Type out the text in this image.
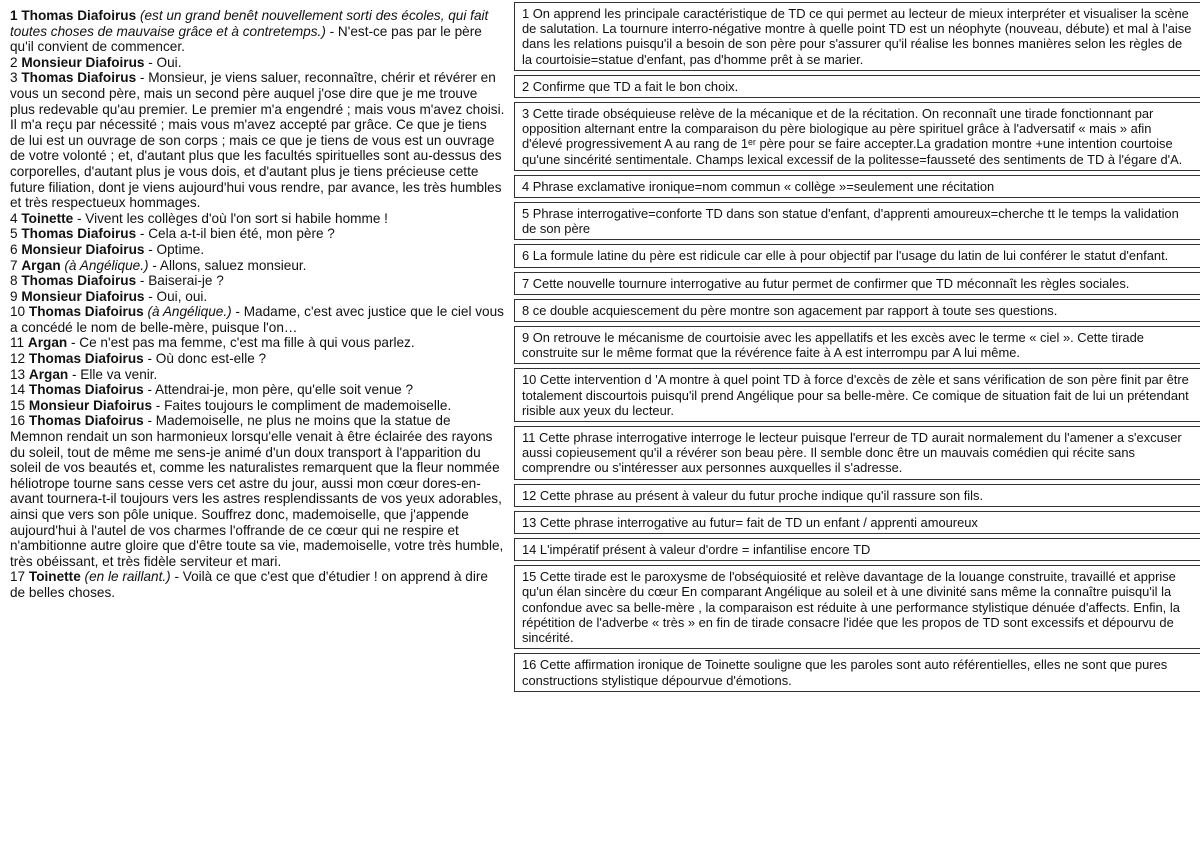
1 Thomas Diafoirus (est un grand benêt nouvellement sorti des écoles, qui fait toutes choses de mauvaise grâce et à contretemps.) - N'est-ce pas par le père qu'il convient de commencer.

2 Monsieur Diafoirus - Oui.

3 Thomas Diafoirus - Monsieur, je viens saluer, reconnaître, chérir et révérer en vous un second père, mais un second père auquel j'ose dire que je me trouve plus redevable qu'au premier. Le premier m'a engendré ; mais vous m'avez choisi. Il m'a reçu par nécessité ; mais vous m'avez accepté par grâce. Ce que je tiens de lui est un ouvrage de son corps ; mais ce que je tiens de vous est un ouvrage de votre volonté ; et, d'autant plus que les facultés spirituelles sont au-dessus des corporelles, d'autant plus je vous dois, et d'autant plus je tiens précieuse cette future filiation, dont je viens aujourd'hui vous rendre, par avance, les très humbles et très respectueux hommages.

4 Toinette - Vivent les collèges d'où l'on sort si habile homme !

5 Thomas Diafoirus - Cela a-t-il bien été, mon père ?

6 Monsieur Diafoirus - Optime.

7 Argan (à Angélique.) - Allons, saluez monsieur.

8 Thomas Diafoirus - Baiserai-je ?

9 Monsieur Diafoirus - Oui, oui.

10 Thomas Diafoirus (à Angélique.) - Madame, c'est avec justice que le ciel vous a concédé le nom de belle-mère, puisque l'on…

11 Argan - Ce n'est pas ma femme, c'est ma fille à qui vous parlez.

12 Thomas Diafoirus - Où donc est-elle ?

13 Argan - Elle va venir.

14 Thomas Diafoirus - Attendrai-je, mon père, qu'elle soit venue ?

15 Monsieur Diafoirus - Faites toujours le compliment de mademoiselle.

16 Thomas Diafoirus - Mademoiselle, ne plus ne moins que la statue de Memnon rendait un son harmonieux lorsqu'elle venait à être éclairée des rayons du soleil, tout de même me sens-je animé d'un doux transport à l'apparition du soleil de vos beautés et, comme les naturalistes remarquent que la fleur nommée héliotrope tourne sans cesse vers cet astre du jour, aussi mon cœur dores-en-avant tournera-t-il toujours vers les astres resplendissants de vos yeux adorables, ainsi que vers son pôle unique. Souffrez donc, mademoiselle, que j'appende aujourd'hui à l'autel de vos charmes l'offrande de ce cœur qui ne respire et n'ambitionne autre gloire que d'être toute sa vie, mademoiselle, votre très humble, très obéissant, et très fidèle serviteur et mari.

17 Toinette (en le raillant.) - Voilà ce que c'est que d'étudier ! on apprend à dire de belles choses.

1 On apprend les principale caractéristique de TD ce qui permet au lecteur de mieux interpréter et visualiser la scène de salutation. La tournure interro-négative montre à quelle point TD est un néophyte (nouveau, débute) et mal à l'aise dans les relations puisqu'il a besoin de son père pour s'assurer qu'il réalise les bonnes manières selon les règles de la courtoisie=statue d'enfant, pas d'homme prêt à se marier.
2 Confirme que TD a fait le bon choix.
3 Cette tirade obséquieuse relève de la mécanique et de la récitation. On reconnaît une tirade fonctionnant par opposition alternant entre la comparaison du père biologique au père spirituel grâce à l'adversatif « mais » afin d'élevé progressivement A au rang de 1ᵉʳ père pour se faire accepter.La gradation montre +une intention courtoise qu'une sincérité sentimentale. Champs lexical excessif de la politesse=fausseté des sentiments de TD à l'égare d'A.
4 Phrase exclamative ironique=nom commun « collège »=seulement une récitation
5 Phrase interrogative=conforte TD dans son statue d'enfant, d'apprenti amoureux=cherche tt le temps la validation de son père
6 La formule latine du père est ridicule car elle à pour objectif par l'usage du latin de lui conférer le statut d'enfant.
7 Cette nouvelle tournure interrogative au futur permet de confirmer que TD méconnaît les règles sociales.
8 ce double acquiescement du père montre son agacement par rapport à toute ses questions.
9 On retrouve le mécanisme de courtoisie avec les appellatifs et les excès avec le terme « ciel ». Cette tirade construite sur le même format que la révérence faite à A est interrompu par A lui même.
10 Cette intervention d 'A montre à quel point TD à force d'excès de zèle et sans vérification de son père finit par être totalement discourtois puisqu'il prend Angélique pour sa belle-mère. Ce comique de situation fait de lui un prétendant risible aux yeux du lecteur.
11 Cette phrase interrogative interroge le lecteur puisque l'erreur de TD aurait normalement du l'amener a s'excuser aussi copieusement qu'il a révérer son beau père. Il semble donc être un mauvais comédien qui récite sans comprendre ou s'intéresser aux personnes auxquelles il s'adresse.
12 Cette phrase au présent à valeur du futur proche indique qu'il rassure son fils.
13 Cette phrase interrogative au futur= fait de TD un enfant / apprenti amoureux
14 L'impératif présent à valeur d'ordre = infantilise encore TD
15 Cette tirade est le paroxysme de l'obséquiosité et relève davantage de la louange construite, travaillé et apprise qu'un élan sincère du cœur En comparant Angélique au soleil et à une divinité sans même la connaître puisqu'il la confondue avec sa belle-mère , la comparaison est réduite à une performance stylistique dénuée d'affects. Enfin, la répétition de l'adverbe « très » en fin de tirade consacre l'idée que les propos de TD sont excessifs et dépourvu de sincérité.
16 Cette affirmation ironique de Toinette souligne que les paroles sont auto référentielles, elles ne sont que pures constructions stylistique dépourvue d'émotions.
